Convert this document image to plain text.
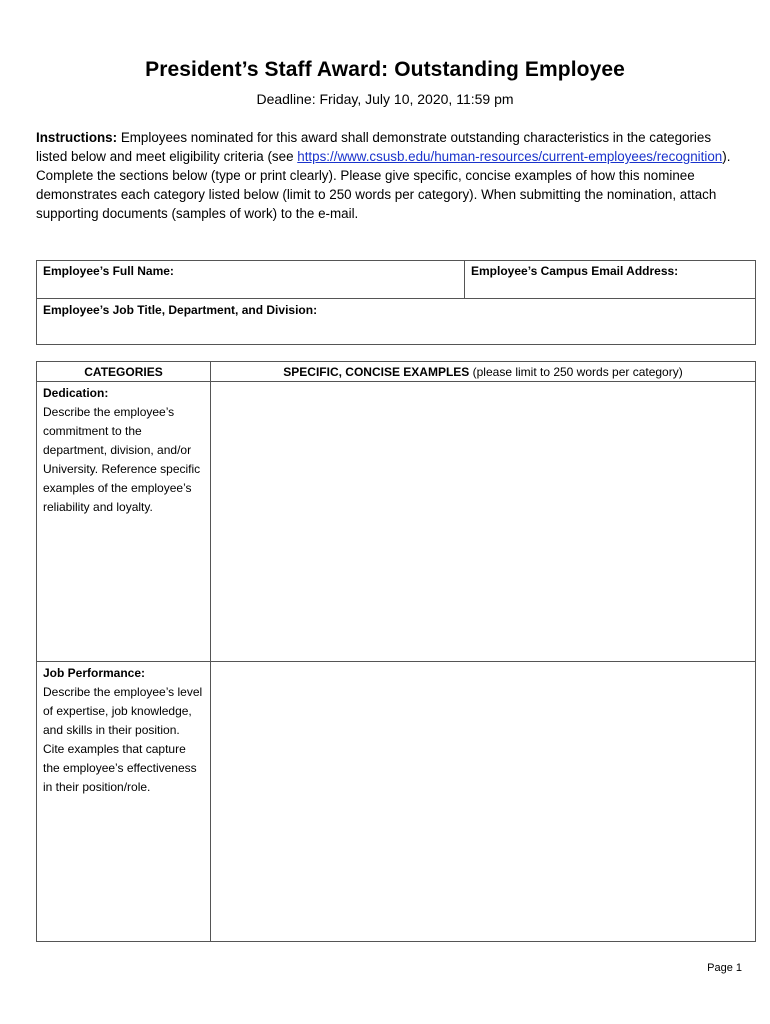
President’s Staff Award: Outstanding Employee
Deadline: Friday, July 10, 2020, 11:59 pm
Instructions: Employees nominated for this award shall demonstrate outstanding characteristics in the categories listed below and meet eligibility criteria (see https://www.csusb.edu/human-resources/current-employees/recognition). Complete the sections below (type or print clearly). Please give specific, concise examples of how this nominee demonstrates each category listed below (limit to 250 words per category). When submitting the nomination, attach supporting documents (samples of work) to the e-mail.
Employee’s Full Name:	Employee’s Campus Email Address:
Employee’s Job Title, Department, and Division:
CATEGORIES	SPECIFIC, CONCISE EXAMPLES (please limit to 250 words per category)

Dedication:
Describe the employee’s commitment to the department, division, and/or University. Reference specific examples of the employee’s reliability and loyalty.	

Job Performance:
Describe the employee’s level of expertise, job knowledge, and skills in their position. Cite examples that capture the employee’s effectiveness in their position/role.	

Page 1
